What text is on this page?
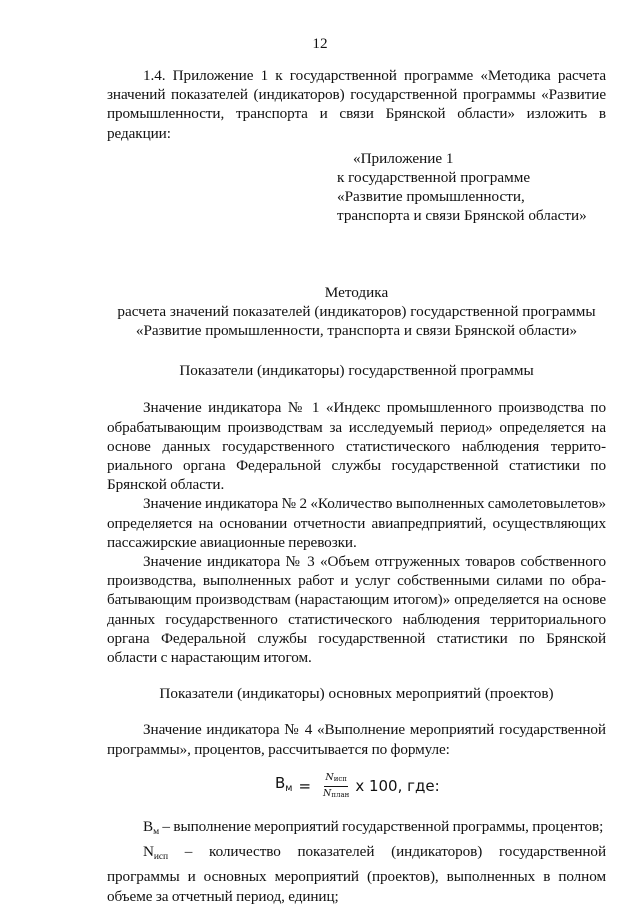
12

1.4. Приложение 1 к государственной программе «Методика расчета значений показателей (индикаторов) государственной программы «Развитие промышленности, транспорта и связи Брянской области» изложить в редакции:

«Приложение 1
к государственной программе
«Развитие промышленности,
транспорта и связи Брянской области»
Методика
расчета значений показателей (индикаторов) государственной программы
«Развитие промышленности, транспорта и связи Брянской области»

Показатели (индикаторы) государственной программы

Значение индикатора № 1 «Индекс промышленного производства по обрабатывающим производствам за исследуемый период» определяется на основе данных государственного статистического наблюдения территориального органа Федеральной службы государственной статистики по Брянской области.

Значение индикатора № 2 «Количество выполненных самолетовылетов» определяется на основании отчетности авиапредприятий, осуществляющих пассажирские авиационные перевозки.

Значение индикатора № 3 «Объем отгруженных товаров собственного производства, выполненных работ и услуг собственными силами по обрабатывающим производствам (нарастающим итогом)» определяется на основе данных государственного статистического наблюдения территориального органа Федеральной службы государственной статистики по Брянской области с нарастающим итогом.

Показатели (индикаторы) основных мероприятий (проектов)

Значение индикатора № 4 «Выполнение мероприятий государственной программы», процентов, рассчитывается по формуле:

$В_м = \frac{\text{Nисп}}{\text{Nплан}}$ x 100, где:

$В_м$ – выполнение мероприятий государственной программы, процентов;

$N_{исп}$ – количество показателей (индикаторов) государственной программы и основных мероприятий (проектов), выполненных в полном объеме за отчетный период, единиц;
